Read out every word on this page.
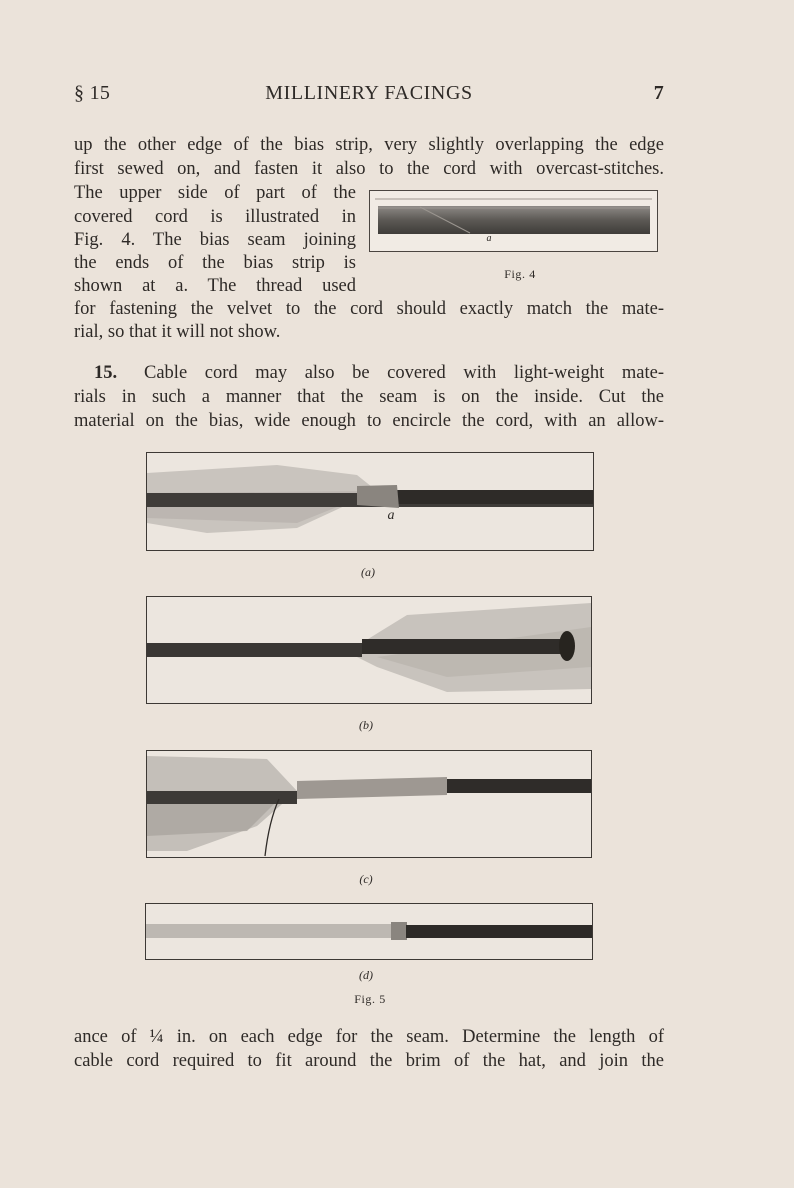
§ 15	MILLINERY FACINGS	7
up the other edge of the bias strip, very slightly overlapping the edge
first sewed on, and fasten it also to the cord with overcast-stitches.
The upper side of part of the
covered cord is illustrated in
Fig. 4. The bias seam joining
the ends of the bias strip is
shown at a. The thread used
a
Fig. 4
for fastening the velvet to the cord should exactly match the mate-
rial, so that it will not show.
15. Cable cord may also be covered with light-weight mate-
rials in such a manner that the seam is on the inside. Cut the
material on the bias, wide enough to encircle the cord, with an allow-
a
(a)
(b)
(c)
(d)
Fig. 5
ance of ¼ in. on each edge for the seam. Determine the length of
cable cord required to fit around the brim of the hat, and join the
